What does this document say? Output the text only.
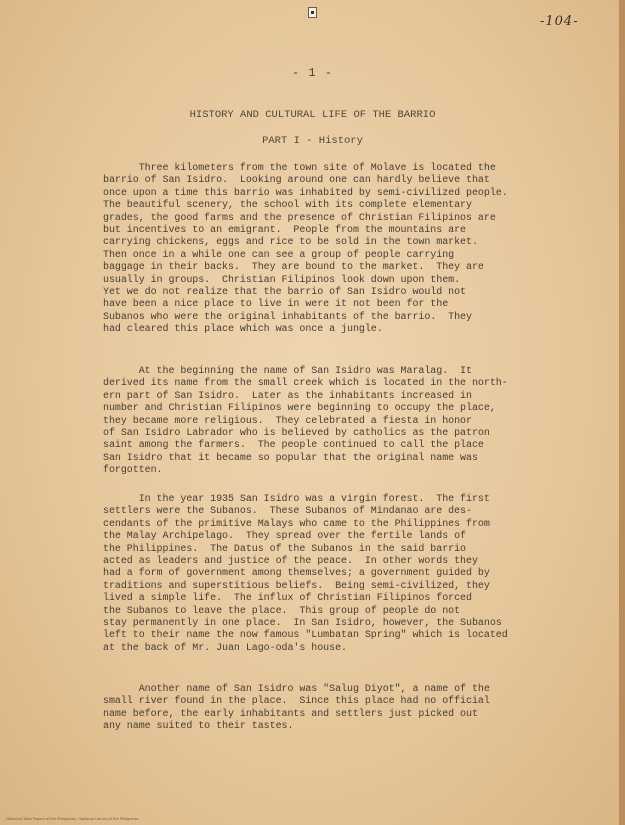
-104-
- 1 -
HISTORY AND CULTURAL LIFE OF THE BARRIO
PART I - History

Three kilometers from the town site of Molave is located the
barrio of San Isidro.  Looking around one can hardly believe that
once upon a time this barrio was inhabited by semi-civilized people.
The beautiful scenery, the school with its complete elementary
grades, the good farms and the presence of Christian Filipinos are
but incentives to an emigrant.  People from the mountains are
carrying chickens, eggs and rice to be sold in the town market.
Then once in a while one can see a group of people carrying
baggage in their backs.  They are bound to the market.  They are
usually in groups.  Christian Filipinos look down upon them.
Yet we do not realize that the barrio of San Isidro would not
have been a nice place to live in were it not been for the
Subanos who were the original inhabitants of the barrio.  They
had cleared this place which was once a jungle.

At the beginning the name of San Isidro was Maralag.  It
derived its name from the small creek which is located in the north-
ern part of San Isidro.  Later as the inhabitants increased in
number and Christian Filipinos were beginning to occupy the place,
they became more religious.  They celebrated a fiesta in honor
of San Isidro Labrador who is believed by catholics as the patron
saint among the farmers.  The people continued to call the place
San Isidro that it became so popular that the original name was
forgotten.

In the year 1935 San Isidro was a virgin forest.  The first
settlers were the Subanos.  These Subanos of Mindanao are des-
cendants of the primitive Malays who came to the Philippines from
the Malay Archipelago.  They spread over the fertile lands of
the Philippines.  The Datus of the Subanos in the said barrio
acted as leaders and justice of the peace.  In other words they
had a form of government among themselves; a government guided by
traditions and superstitious beliefs.  Being semi-civilized, they
lived a simple life.  The influx of Christian Filipinos forced
the Subanos to leave the place.  This group of people do not
stay permanently in one place.  In San Isidro, however, the Subanos
left to their name the now famous "Lumbatan Spring" which is located
at the back of Mr. Juan Lago-oda's house.

Another name of San Isidro was "Salug Diyot", a name of the
small river found in the place.  Since this place had no official
name before, the early inhabitants and settlers just picked out
any name suited to their tastes.

Historical Data Papers of the Philippines · National Library of the Philippines
